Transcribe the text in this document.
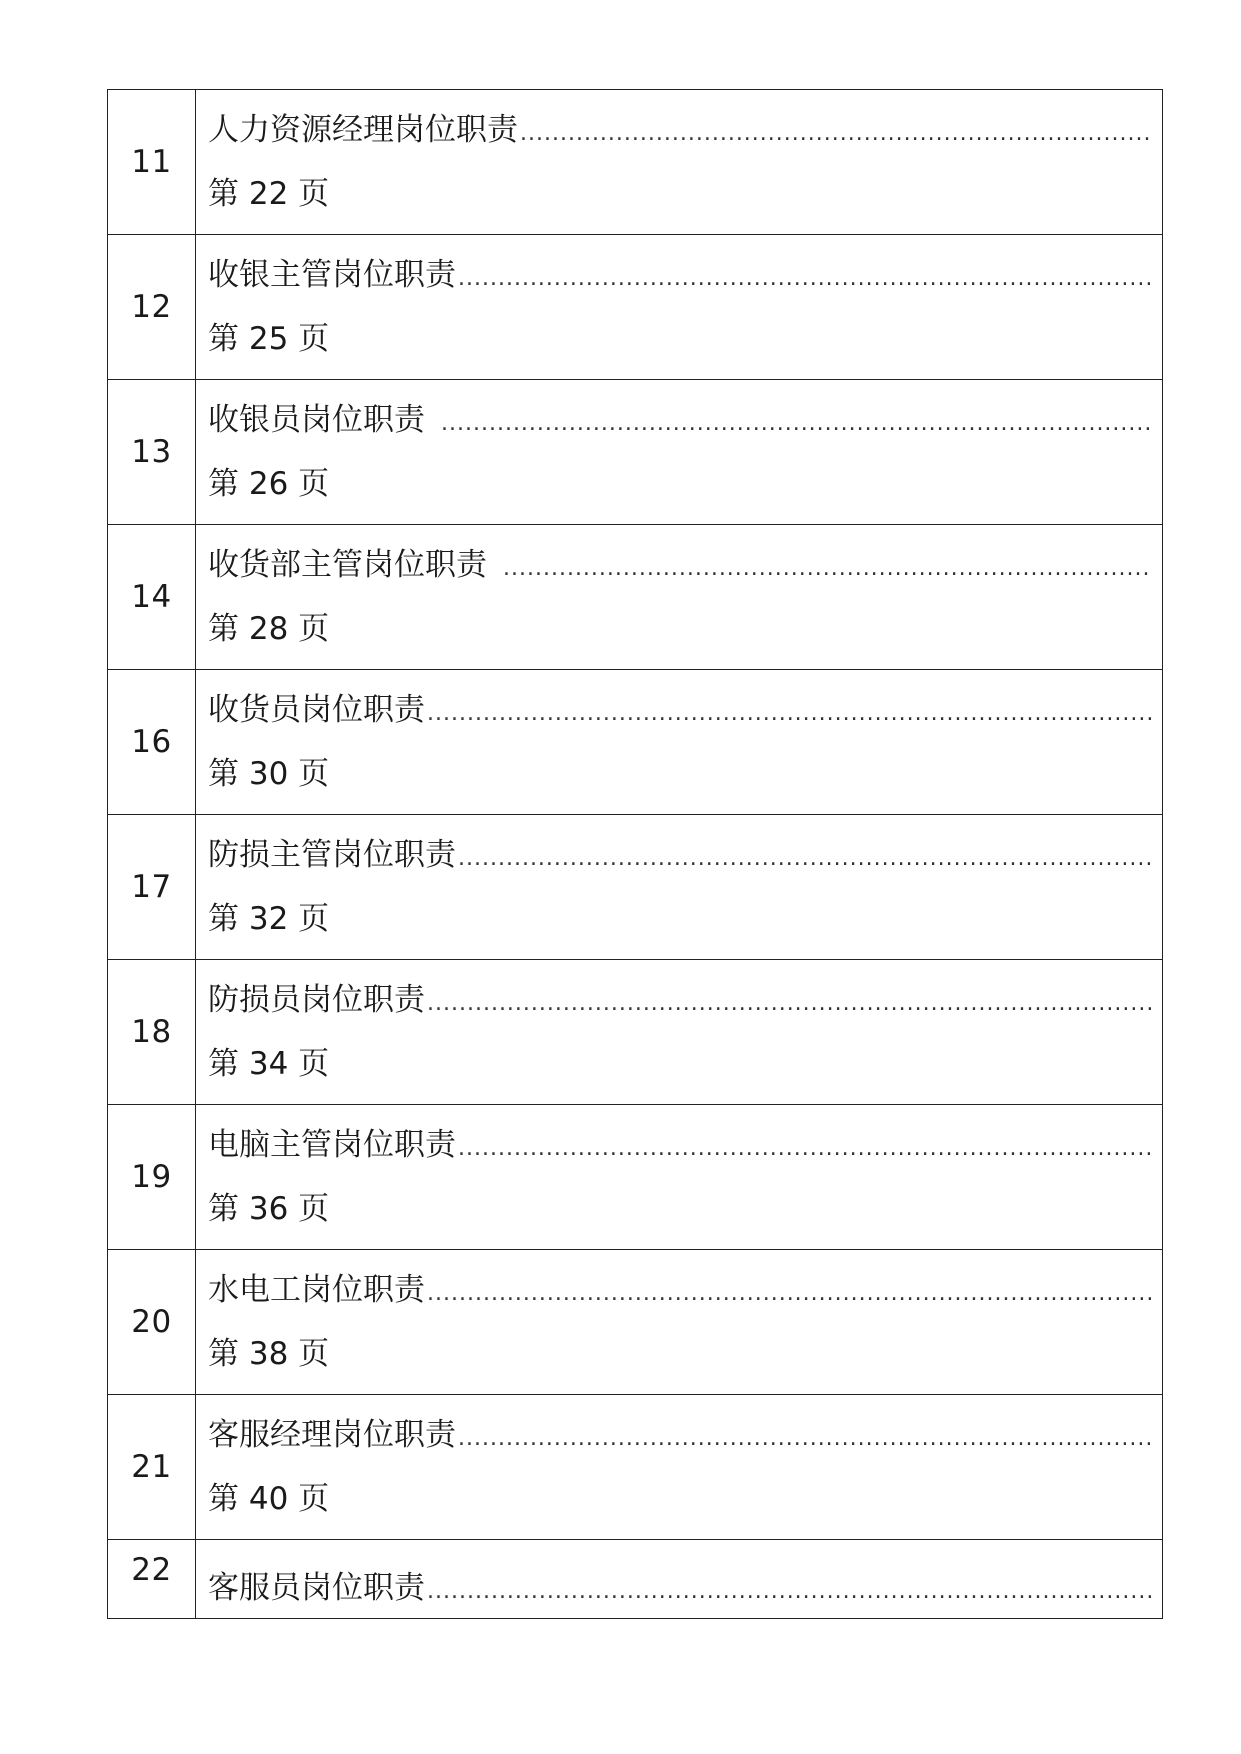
11	人力资源经理岗位职责
.....
第 22 页

12	收银主管岗位职责
.....
第 25 页

13	收银员岗位职责
.....
第 26 页

14	收货部主管岗位职责
.....
第 28 页

16	收货员岗位职责
.....
第 30 页

17	防损主管岗位职责
.....
第 32 页

18	防损员岗位职责
.....
第 34 页

19	电脑主管岗位职责
.....
第 36 页

20	水电工岗位职责
.....
第 38 页

21	客服经理岗位职责
.....
第 40 页

22	客服员岗位职责
.....
